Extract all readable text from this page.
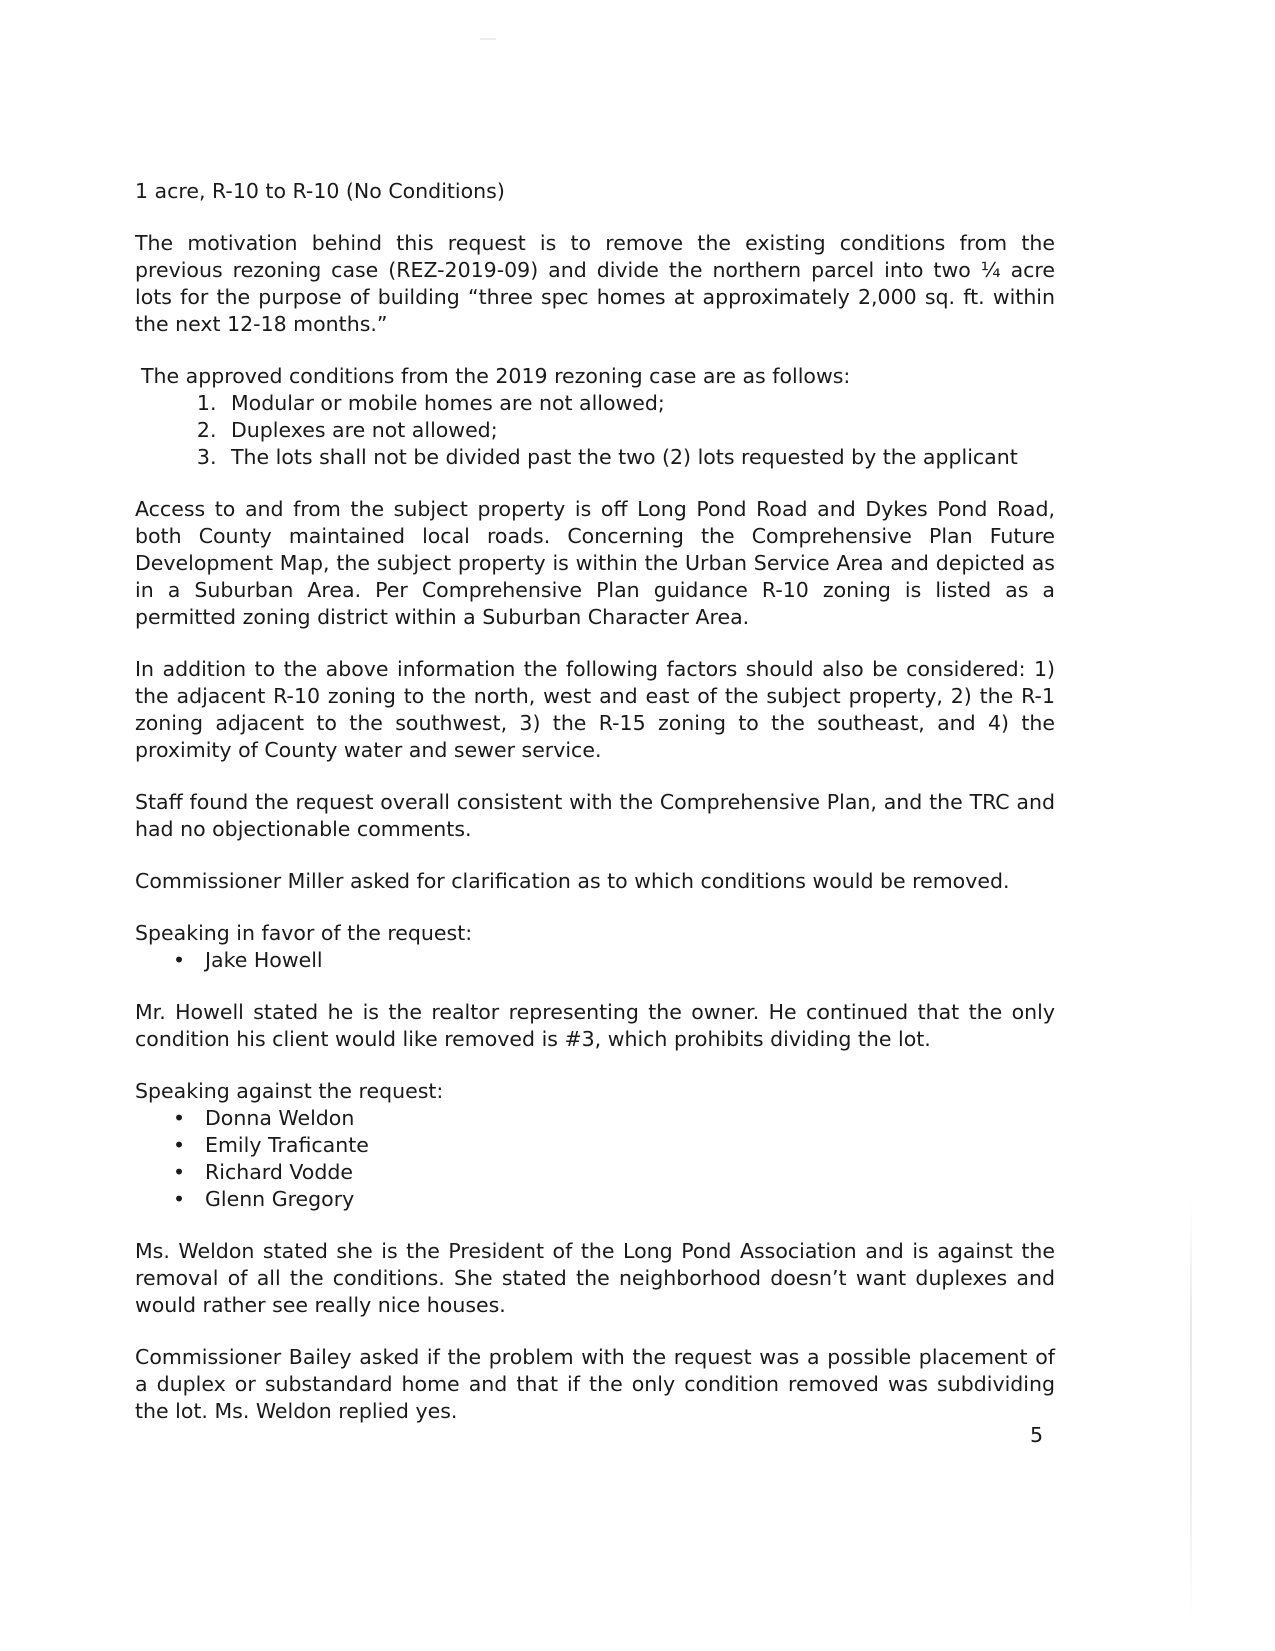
1 acre, R-10 to R-10 (No Conditions)

The motivation behind this request is to remove the existing conditions from the previous rezoning case (REZ-2019-09) and divide the northern parcel into two ¼ acre lots for the purpose of building “three spec homes at approximately 2,000 sq. ft. within the next 12-18 months.”

The approved conditions from the 2019 rezoning case are as follows:

1. Modular or mobile homes are not allowed;
2. Duplexes are not allowed;
3. The lots shall not be divided past the two (2) lots requested by the applicant

Access to and from the subject property is off Long Pond Road and Dykes Pond Road, both County maintained local roads. Concerning the Comprehensive Plan Future Development Map, the subject property is within the Urban Service Area and depicted as in a Suburban Area. Per Comprehensive Plan guidance R-10 zoning is listed as a permitted zoning district within a Suburban Character Area.

In addition to the above information the following factors should also be considered: 1) the adjacent R-10 zoning to the north, west and east of the subject property, 2) the R-1 zoning adjacent to the southwest, 3) the R-15 zoning to the southeast, and 4) the proximity of County water and sewer service.

Staff found the request overall consistent with the Comprehensive Plan, and the TRC and had no objectionable comments.

Commissioner Miller asked for clarification as to which conditions would be removed.

Speaking in favor of the request:

• Jake Howell

Mr. Howell stated he is the realtor representing the owner. He continued that the only condition his client would like removed is #3, which prohibits dividing the lot.

Speaking against the request:

• Donna Weldon
• Emily Traficante
• Richard Vodde
• Glenn Gregory

Ms. Weldon stated she is the President of the Long Pond Association and is against the removal of all the conditions. She stated the neighborhood doesn’t want duplexes and would rather see really nice houses.

Commissioner Bailey asked if the problem with the request was a possible placement of a duplex or substandard home and that if the only condition removed was subdividing the lot. Ms. Weldon replied yes.

5
